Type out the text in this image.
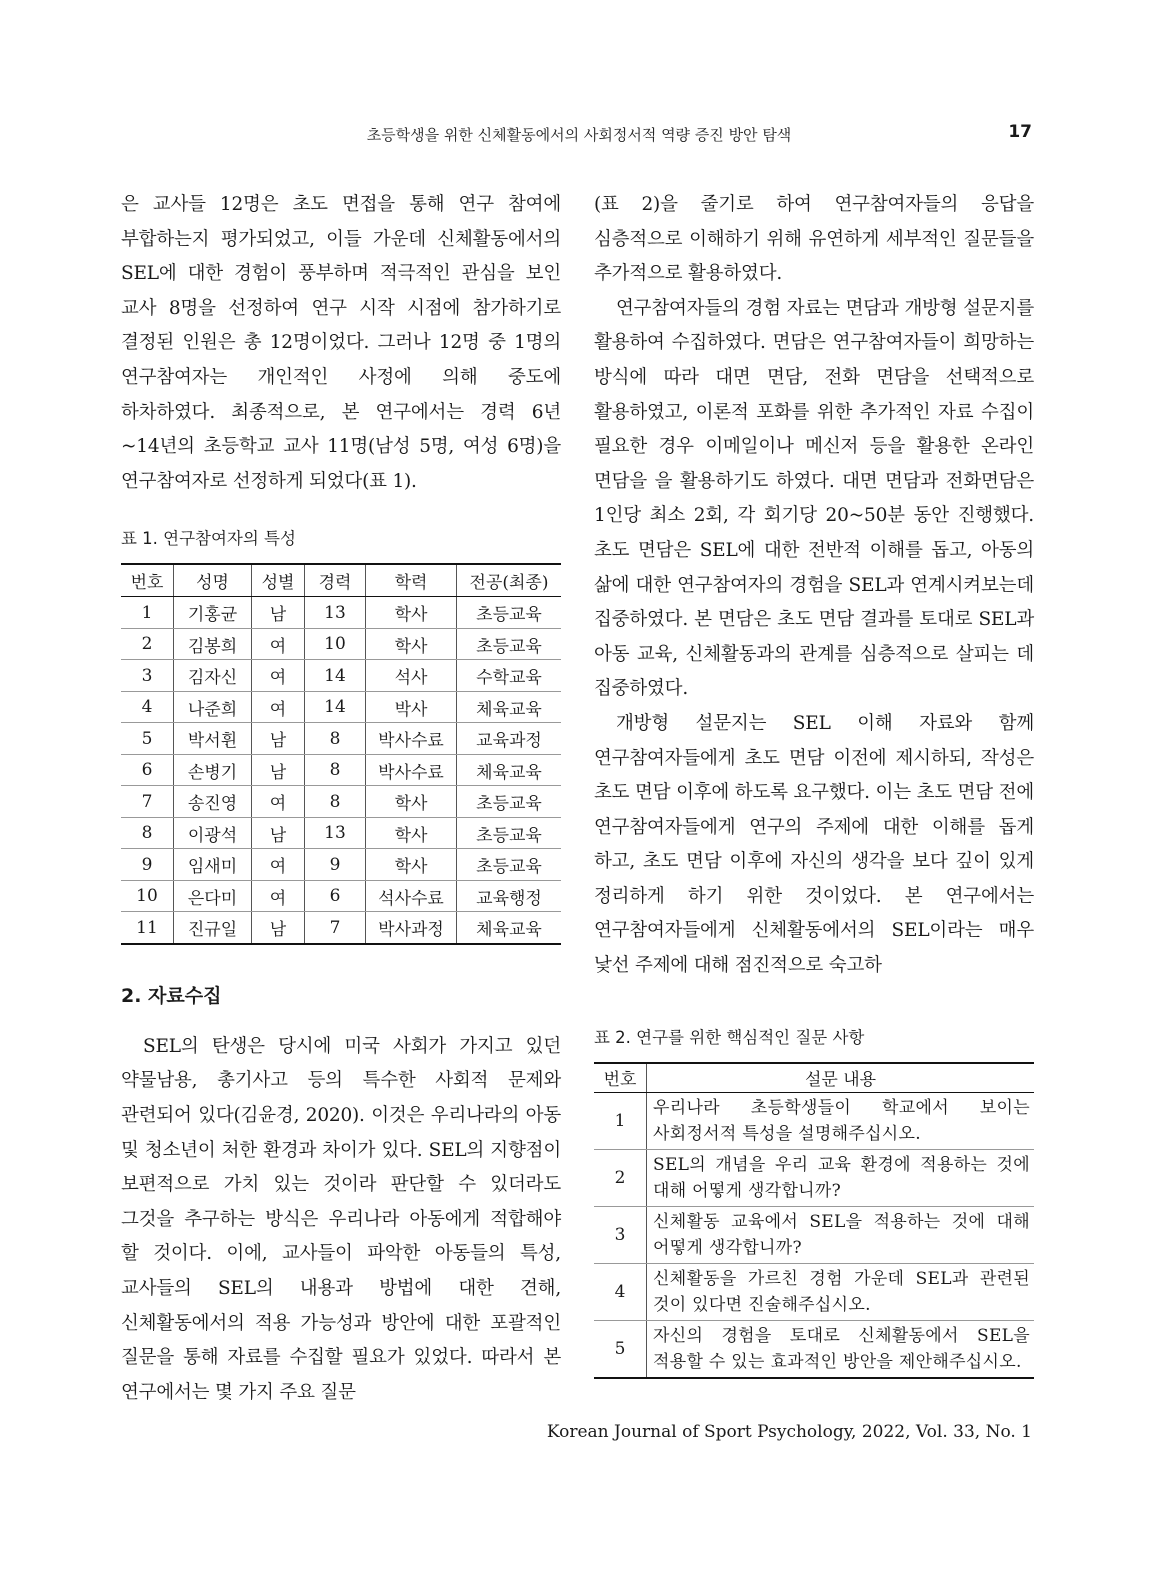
초등학생을 위한 신체활동에서의 사회정서적 역량 증진 방안 탐색	17

은 교사들 12명은 초도 면접을 통해 연구 참여에 부합하는지 평가되었고, 이들 가운데 신체활동에서의 SEL에 대한 경험이 풍부하며 적극적인 관심을 보인 교사 8명을 선정하여 연구 시작 시점에 참가하기로 결정된 인원은 총 12명이었다. 그러나 12명 중 1명의 연구참여자는 개인적인 사정에 의해 중도에 하차하였다. 최종적으로, 본 연구에서는 경력 6년~14년의 초등학교 교사 11명(남성 5명, 여성 6명)을 연구참여자로 선정하게 되었다(표 1).

표 1. 연구참여자의 특성

번호	성명	성별	경력	학력	전공(최종)
1	기홍균	남	13	학사	초등교육
2	김봉희	여	10	학사	초등교육
3	김자신	여	14	석사	수학교육
4	나준희	여	14	박사	체육교육
5	박서휜	남	8	박사수료	교육과정
6	손병기	남	8	박사수료	체육교육
7	송진영	여	8	학사	초등교육
8	이광석	남	13	학사	초등교육
9	임새미	여	9	학사	초등교육
10	은다미	여	6	석사수료	교육행정
11	진규일	남	7	박사과정	체육교육
2. 자료수집

SEL의 탄생은 당시에 미국 사회가 가지고 있던 약물남용, 총기사고 등의 특수한 사회적 문제와 관련되어 있다(김윤경, 2020). 이것은 우리나라의 아동 및 청소년이 처한 환경과 차이가 있다. SEL의 지향점이 보편적으로 가치 있는 것이라 판단할 수 있더라도 그것을 추구하는 방식은 우리나라 아동에게 적합해야 할 것이다. 이에, 교사들이 파악한 아동들의 특성, 교사들의 SEL의 내용과 방법에 대한 견해, 신체활동에서의 적용 가능성과 방안에 대한 포괄적인 질문을 통해 자료를 수집할 필요가 있었다. 따라서 본 연구에서는 몇 가지 주요 질문

(표 2)을 줄기로 하여 연구참여자들의 응답을 심층적으로 이해하기 위해 유연하게 세부적인 질문들을 추가적으로 활용하였다.

연구참여자들의 경험 자료는 면담과 개방형 설문지를 활용하여 수집하였다. 면담은 연구참여자들이 희망하는 방식에 따라 대면 면담, 전화 면담을 선택적으로 활용하였고, 이론적 포화를 위한 추가적인 자료 수집이 필요한 경우 이메일이나 메신저 등을 활용한 온라인 면담을 을 활용하기도 하였다. 대면 면담과 전화면담은 1인당 최소 2회, 각 회기당 20~50분 동안 진행했다. 초도 면담은 SEL에 대한 전반적 이해를 돕고, 아동의 삶에 대한 연구참여자의 경험을 SEL과 연계시켜보는데 집중하였다. 본 면담은 초도 면담 결과를 토대로 SEL과 아동 교육, 신체활동과의 관계를 심층적으로 살피는 데 집중하였다.

개방형 설문지는 SEL 이해 자료와 함께 연구참여자들에게 초도 면담 이전에 제시하되, 작성은 초도 면담 이후에 하도록 요구했다. 이는 초도 면담 전에 연구참여자들에게 연구의 주제에 대한 이해를 돕게 하고, 초도 면담 이후에 자신의 생각을 보다 깊이 있게 정리하게 하기 위한 것이었다. 본 연구에서는 연구참여자들에게 신체활동에서의 SEL이라는 매우 낯선 주제에 대해 점진적으로 숙고하

표 2. 연구를 위한 핵심적인 질문 사항

번호	설문 내용
1	우리나라 초등학생들이 학교에서 보이는 사회정서적 특성을 설명해주십시오.
2	SEL의 개념을 우리 교육 환경에 적용하는 것에 대해 어떻게 생각합니까?
3	신체활동 교육에서 SEL을 적용하는 것에 대해 어떻게 생각합니까?
4	신체활동을 가르친 경험 가운데 SEL과 관련된 것이 있다면 진술해주십시오.
5	자신의 경험을 토대로 신체활동에서 SEL을 적용할 수 있는 효과적인 방안을 제안해주십시오.
Korean Journal of Sport Psychology, 2022, Vol. 33, No. 1
